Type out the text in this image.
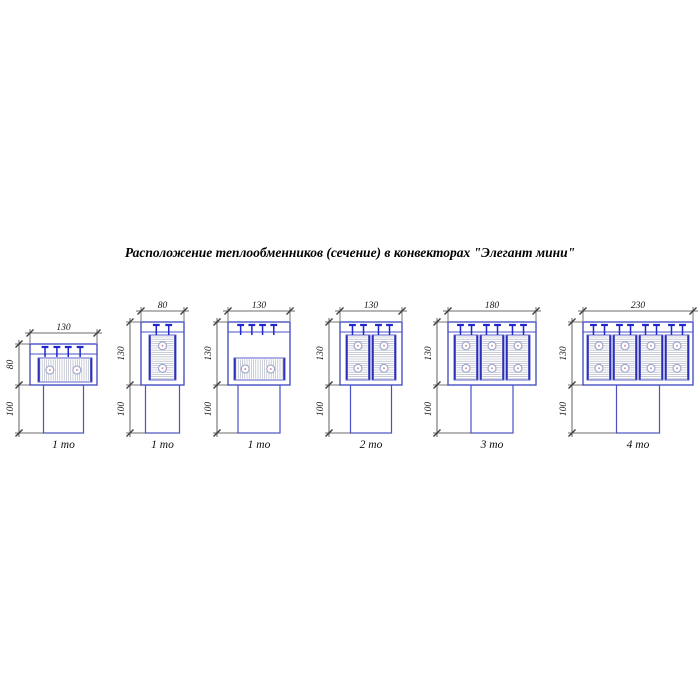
Расположение теплообменников (сечение) в конвекторах "Элегант мини"
130
80
100
1 то
80
130
100
1 то
130
130
100
1 то
130
130
100
2 то
180
130
100
3 то
230
130
100
4 то
